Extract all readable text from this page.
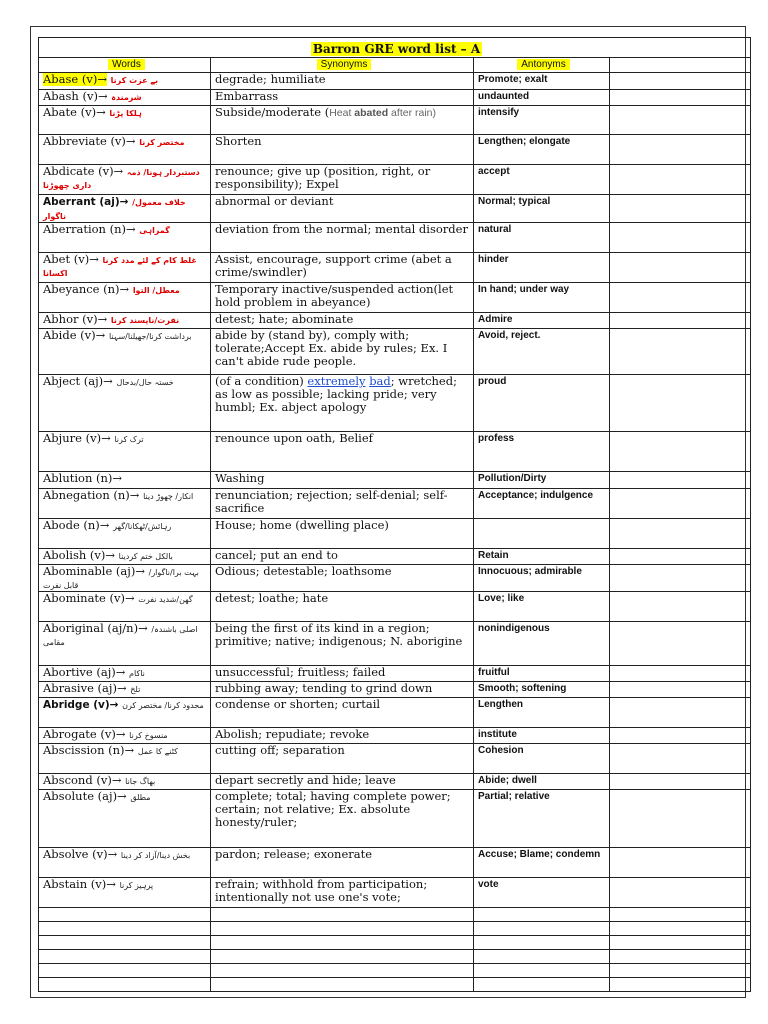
Barron GRE word list – A			
Words	Synonyms	Antonyms	
Abase (v)→ بے عزت کرنا	degrade; humiliate	Promote; exalt	
Abash (v)→ شرمندہ	Embarrass	undaunted	
Abate (v)→ ہلکا پڑنا	Subside/moderate (Heat abated after rain)	intensify	
Abbreviate (v)→ مختصر کرنا	Shorten	Lengthen; elongate	
Abdicate (v)→ دستبردار ہونا/ ذمہ داری چھوڑنا	renounce; give up (position, right, or responsibility); Expel	accept	
Aberrant (aj)→ خلاف معمول/ ناگوار	abnormal or deviant	Normal; typical	
Aberration (n)→ گمراہی	deviation from the normal; mental disorder	natural	
Abet (v)→ غلط کام کے لئے مدد کرنا اکسانا	Assist, encourage, support crime (abet a crime/swindler)	hinder	
Abeyance (n)→ معطل/ التوا	Temporary inactive/suspended action(let hold problem in abeyance)	In hand; under way	
Abhor (v)→ نفرت/ناپسند کرنا	detest; hate; abominate	Admire	
Abide (v)→ برداشت کرنا/جھیلنا/سہنا	abide by (stand by), comply with; tolerate;Accept Ex. abide by rules; Ex. I can't abide rude people.	Avoid, reject.	
Abject (aj)→ خستہ حال/بدحال	(of a condition) extremely bad; wretched; as low as possible; lacking pride; very humbl; Ex. abject apology	proud	
Abjure (v)→ ترک کرنا	renounce upon oath, Belief	profess	
Ablution (n)→	Washing	Pollution/Dirty	
Abnegation (n)→ انکار/ چھوڑ دینا	renunciation; rejection; self-denial; self-sacrifice	Acceptance; indulgence	
Abode (n)→ رہائش/ٹھکانا/گھر	House; home (dwelling place)		
Abolish (v)→ بالکل ختم کردینا	cancel; put an end to	Retain	
Abominable (aj)→ بہت برا/ناگوار/قابل نفرت	Odious; detestable; loathsome	Innocuous; admirable	
Abominate (v)→ گھن/شدید نفرت	detest; loathe; hate	Love; like	
Aboriginal (aj/n)→ اصلی باشندہ/ مقامی	being the first of its kind in a region; primitive; native; indigenous; N. aborigine	nonindigenous	
Abortive (aj)→ ناکام	unsuccessful; fruitless; failed	fruitful	
Abrasive (aj)→ تلخ	rubbing away; tending to grind down	Smooth; softening	
Abridge (v)→ محدود کرنا/ مختصر کرن	condense or shorten; curtail	Lengthen	
Abrogate (v)→ منسوخ کرنا	Abolish; repudiate; revoke	institute	
Abscission (n)→ کٹنے کا عمل	cutting off; separation	Cohesion	
Abscond (v)→ بھاگ جانا	depart secretly and hide; leave	Abide; dwell	
Absolute (aj)→ مطلق	complete; total; having complete power; certain; not relative; Ex. absolute honesty/ruler;	Partial; relative	
Absolve (v)→ بخش دینا/آزاد کر دینا	pardon; release; exonerate	Accuse; Blame; condemn	
Abstain (v)→ پرہیز کرنا	refrain; withhold from participation; intentionally not use one's vote;	vote	
